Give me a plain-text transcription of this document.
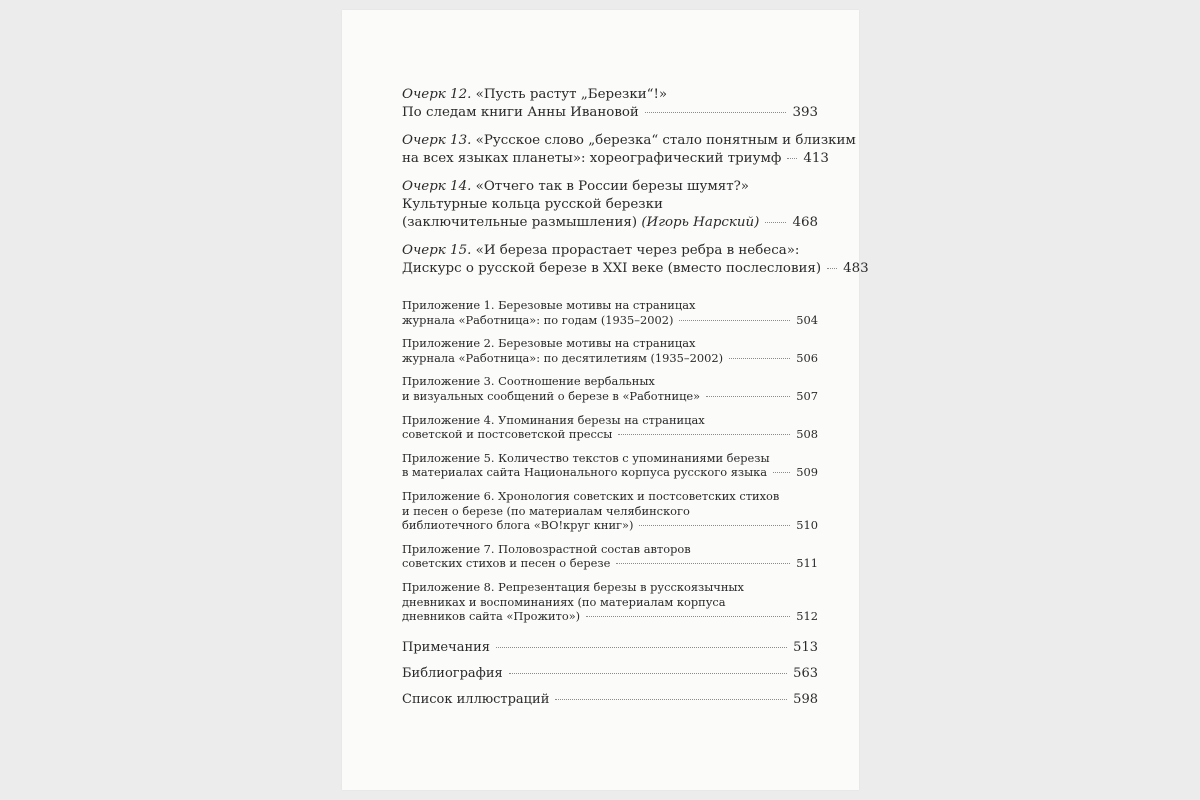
Очерк 12. «Пусть растут „Березки“!»
По следам книги Анны Ивановой	393
Очерк 13. «Русское слово „березка“ стало понятным и близким
на всех языках планеты»: хореографический триумф 413
Очерк 14. «Отчего так в России березы шумят?»
Культурные кольца русской березки
(заключительные размышления) (Игорь Нарский) 468
Очерк 15. «И береза прорастает через ребра в небеса»:
Дискурс о русской березе в XXI веке (вместо послесловия) 483
Приложение 1. Березовые мотивы на страницах
журнала «Работница»: по годам (1935–2002)	504
Приложение 2. Березовые мотивы на страницах
журнала «Работница»: по десятилетиям (1935–2002)	506
Приложение 3. Соотношение вербальных
и визуальных сообщений о березе в «Работнице»	507
Приложение 4. Упоминания березы на страницах
советской и постсоветской прессы	508
Приложение 5. Количество текстов с упоминаниями березы
в материалах сайта Национального корпуса русского языка	509
Приложение 6. Хронология советских и постсоветских стихов
и песен о березе (по материалам челябинского
библиотечного блога «ВО!круг книг»)	510
Приложение 7. Половозрастной состав авторов
советских стихов и песен о березе	511
Приложение 8. Репрезентация березы в русскоязычных
дневниках и воспоминаниях (по материалам корпуса
дневников сайта «Прожито»)	512
Примечания	513
Библиография	563
Список иллюстраций	598
